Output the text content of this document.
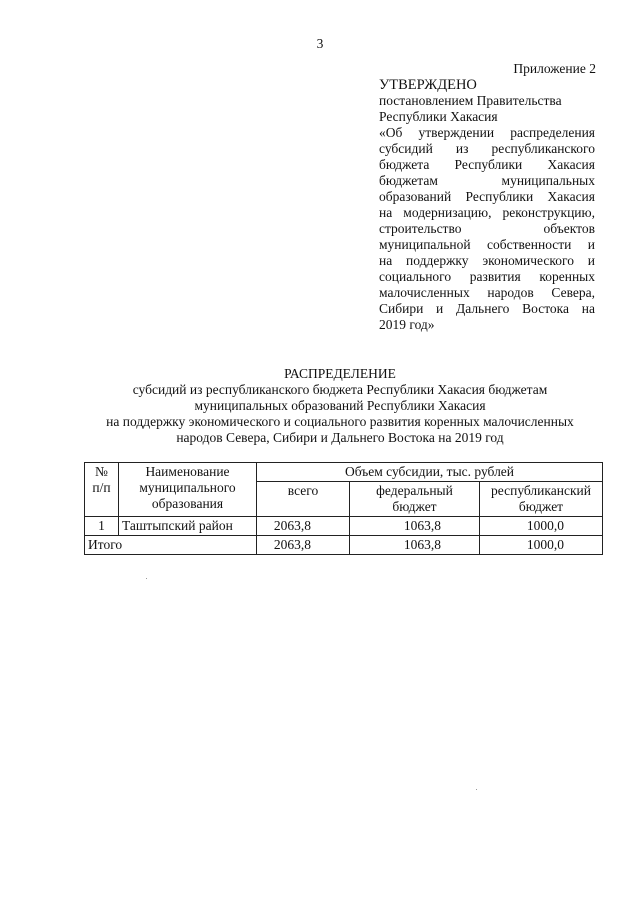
3
Приложение 2
УТВЕРЖДЕНО
постановлением Правительства
Республики Хакасия
«Об утверждении распределения
субсидий из республиканского
бюджета Республики Хакасия
бюджетам муниципальных
образований Республики Хакасия
на модернизацию, реконструкцию,
строительство объектов
муниципальной собственности и
на поддержку экономического и
социального развития коренных
малочисленных народов Севера,
Сибири и Дальнего Востока на
2019 год»
РАСПРЕДЕЛЕНИЕ
субсидий из республиканского бюджета Республики Хакасия бюджетам
муниципальных образований Республики Хакасия
на поддержку экономического и социального развития коренных малочисленных
народов Севера, Сибири и Дальнего Востока на 2019 год
№ п/п	Наименование муниципального образования	Объем субсидии, тыс. рублей		
		всего	федеральный бюджет	республиканский бюджет
1	Таштыпский район	2063,8	1063,8	1000,0
Итого		2063,8	1063,8	1000,0
